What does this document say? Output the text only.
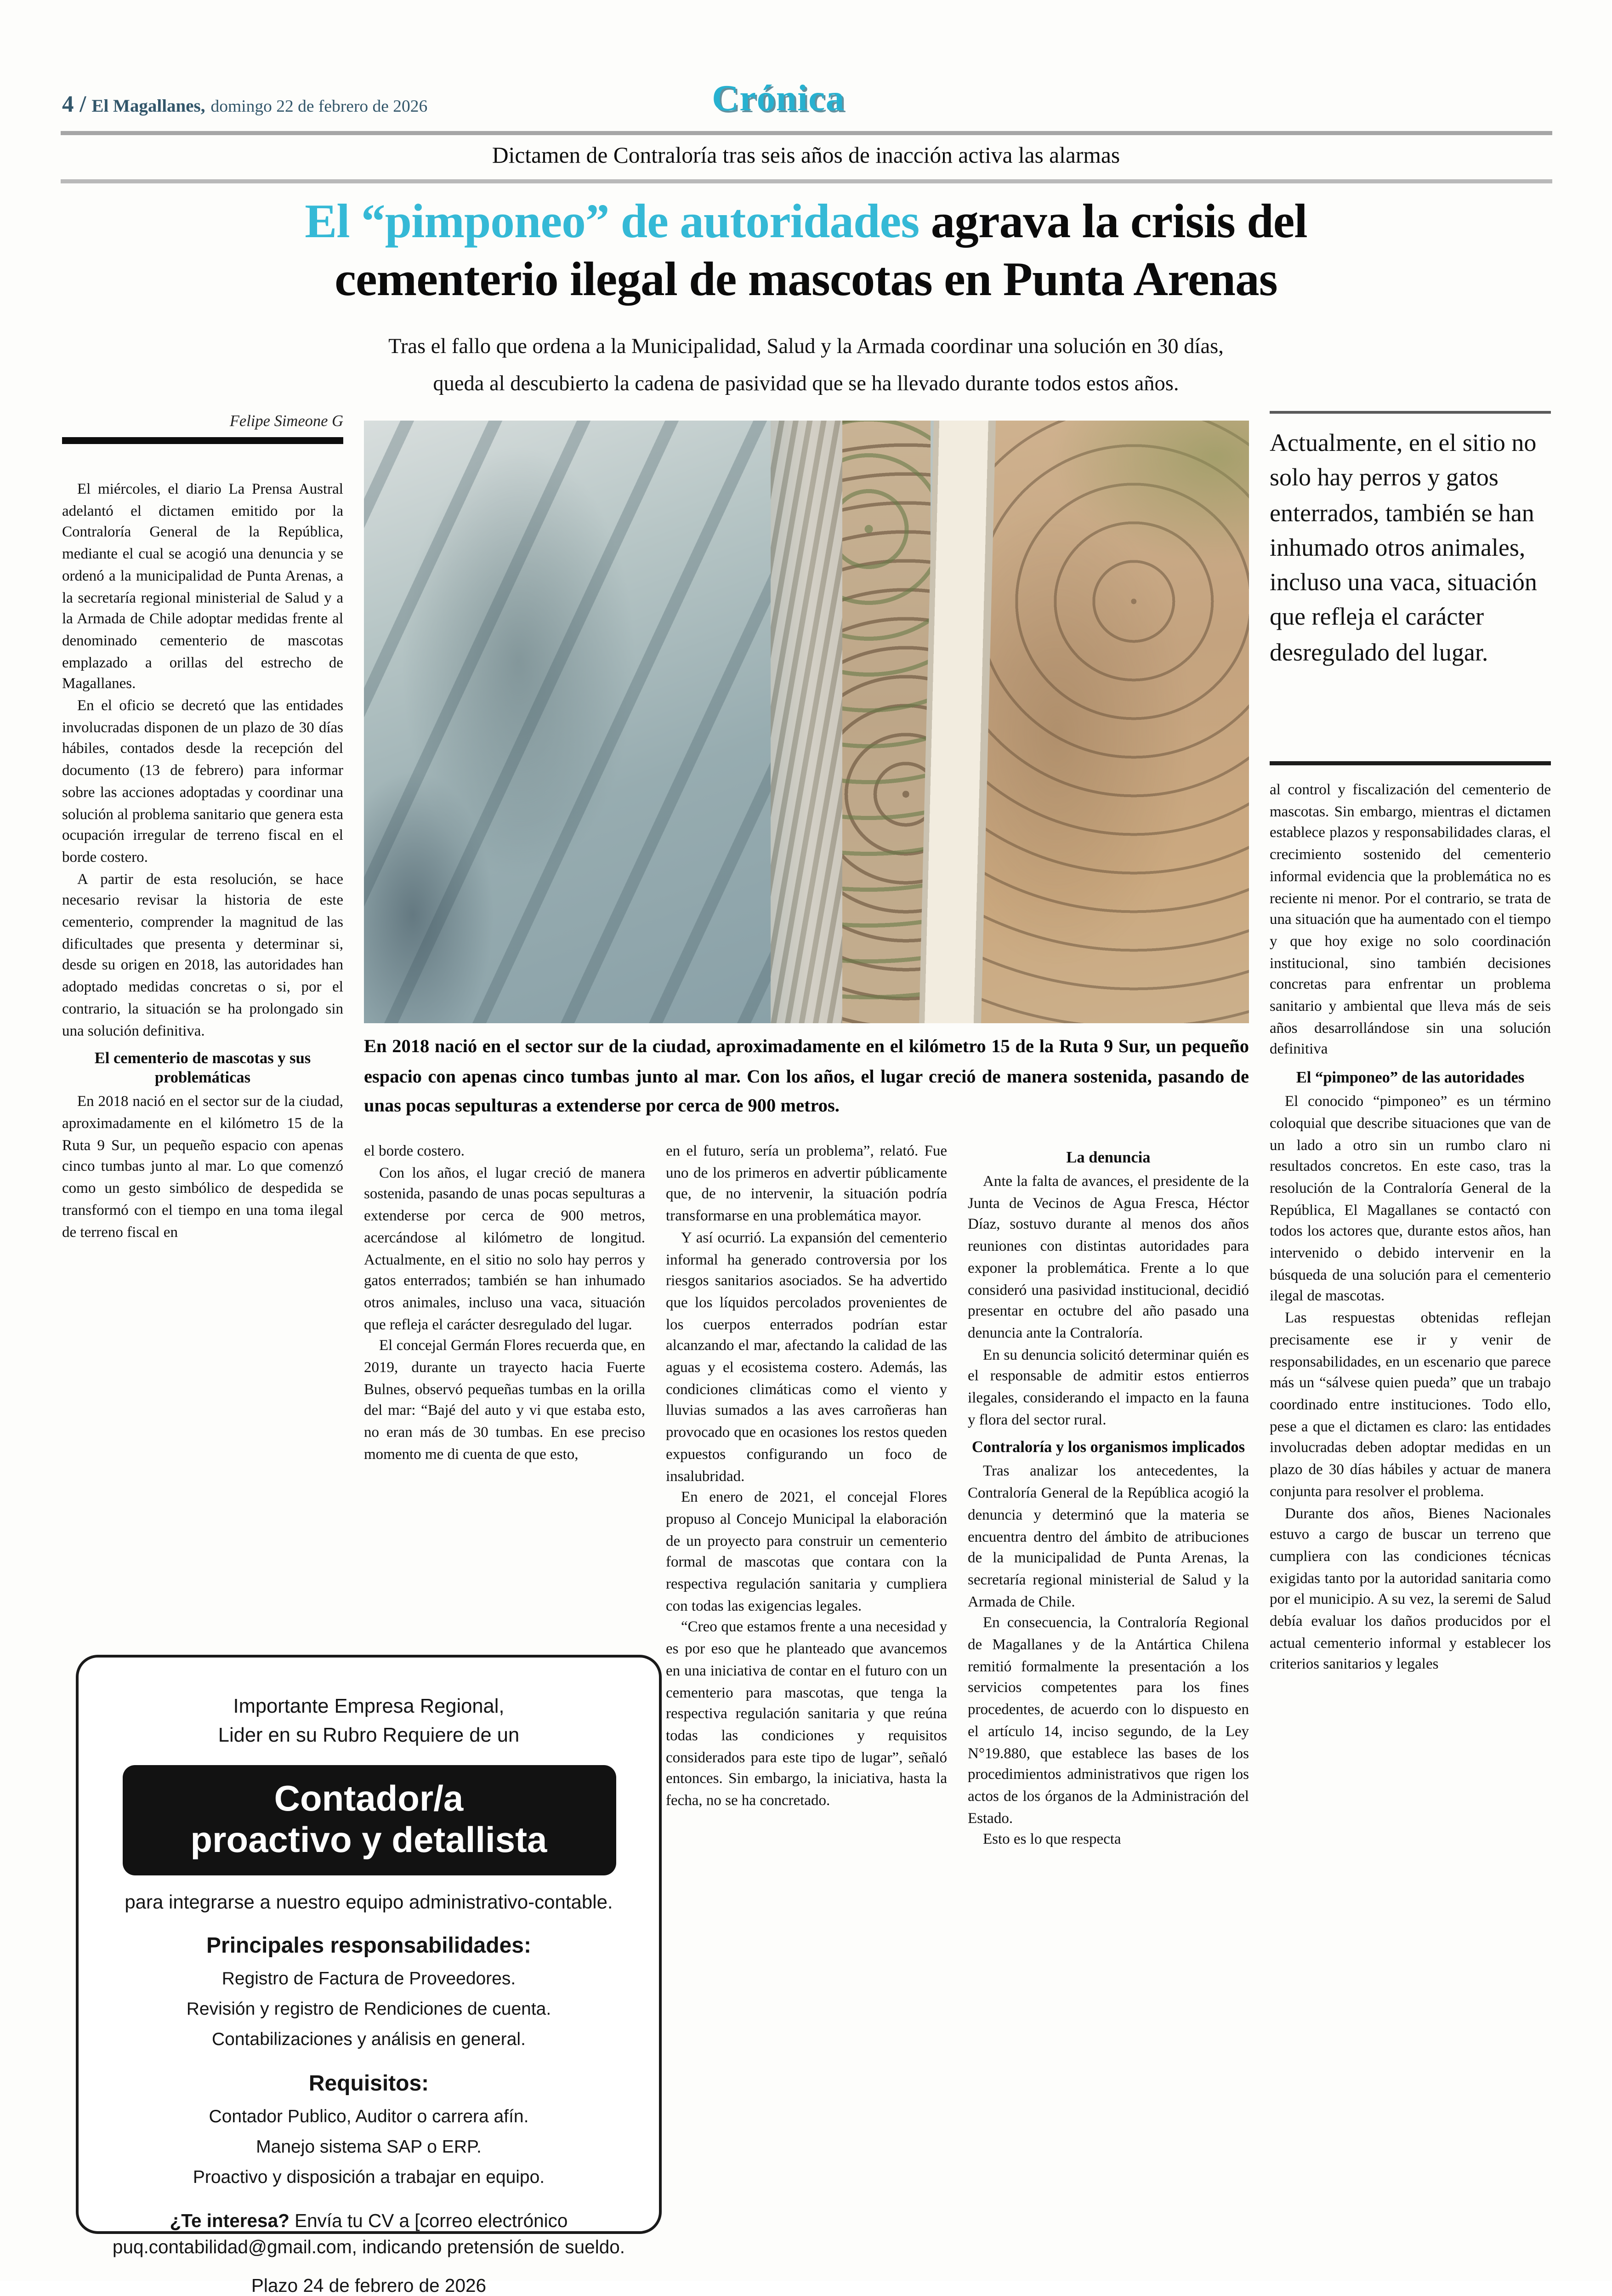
4 / El Magallanes, domingo 22 de febrero de 2026	Crónica
Dictamen de Contraloría tras seis años de inacción activa las alarmas
El “pimponeo” de autoridades agrava la crisis del
cementerio ilegal de mascotas en Punta Arenas
Tras el fallo que ordena a la Municipalidad, Salud y la Armada coordinar una solución en 30 días,
queda al descubierto la cadena de pasividad que se ha llevado durante todos estos años.
Felipe Simeone G

El miércoles, el diario La Prensa Austral adelantó el dictamen emitido por la Contraloría General de la República, mediante el cual se acogió una denuncia y se ordenó a la municipalidad de Punta Arenas, a la secretaría regional ministerial de Salud y a la Armada de Chile adoptar medidas frente al denominado cementerio de mascotas emplazado a orillas del estrecho de Magallanes.

En el oficio se decretó que las entidades involucradas disponen de un plazo de 30 días hábiles, contados desde la recepción del documento (13 de febrero) para informar sobre las acciones adoptadas y coordinar una solución al problema sanitario que genera esta ocupación irregular de terreno fiscal en el borde costero.

A partir de esta resolución, se hace necesario revisar la historia de este cementerio, comprender la magnitud de las dificultades que presenta y determinar si, desde su origen en 2018, las autoridades han adoptado medidas concretas o si, por el contrario, la situación se ha prolongado sin una solución definitiva.

El cementerio de mascotas y sus problemáticas

En 2018 nació en el sector sur de la ciudad, aproximadamente en el kilómetro 15 de la Ruta 9 Sur, un pequeño espacio con apenas cinco tumbas junto al mar. Lo que comenzó como un gesto simbólico de despedida se transformó con el tiempo en una toma ilegal de terreno fiscal en

En 2018 nació en el sector sur de la ciudad, aproximadamente en el kilómetro 15 de la Ruta 9 Sur, un pequeño espacio con apenas cinco tumbas junto al mar. Con los años, el lugar creció de manera sostenida, pasando de unas pocas sepulturas a extenderse por cerca de 900 metros.
Actualmente, en el sitio no solo hay perros y gatos enterrados, también se han inhumado otros animales, incluso una vaca, situación que refleja el carácter desregulado del lugar.

el borde costero.

Con los años, el lugar creció de manera sostenida, pasando de unas pocas sepulturas a extenderse por cerca de 900 metros, acercándose al kilómetro de longitud. Actualmente, en el sitio no solo hay perros y gatos enterrados; también se han inhumado otros animales, incluso una vaca, situación que refleja el carácter desregulado del lugar.

El concejal Germán Flores recuerda que, en 2019, durante un trayecto hacia Fuerte Bulnes, observó pequeñas tumbas en la orilla del mar: “Bajé del auto y vi que estaba esto, no eran más de 30 tumbas. En ese preciso momento me di cuenta de que esto,

en el futuro, sería un problema”, relató. Fue uno de los primeros en advertir públicamente que, de no intervenir, la situación podría transformarse en una problemática mayor.

Y así ocurrió. La expansión del cementerio informal ha generado controversia por los riesgos sanitarios asociados. Se ha advertido que los líquidos percolados provenientes de los cuerpos enterrados podrían estar alcanzando el mar, afectando la calidad de las aguas y el ecosistema costero. Además, las condiciones climáticas como el viento y lluvias sumados a las aves carroñeras han provocado que en ocasiones los restos queden expuestos configurando un foco de insalubridad.

En enero de 2021, el concejal Flores propuso al Concejo Municipal la elaboración de un proyecto para construir un cementerio formal de mascotas que contara con la respectiva regulación sanitaria y cumpliera con todas las exigencias legales.

“Creo que estamos frente a una necesidad y es por eso que he planteado que avancemos en una iniciativa de contar en el futuro con un cementerio para mascotas, que tenga la respectiva regulación sanitaria y que reúna todas las condiciones y requisitos considerados para este tipo de lugar”, señaló entonces. Sin embargo, la iniciativa, hasta la fecha, no se ha concretado.

La denuncia

Ante la falta de avances, el presidente de la Junta de Vecinos de Agua Fresca, Héctor Díaz, sostuvo durante al menos dos años reuniones con distintas autoridades para exponer la problemática. Frente a lo que consideró una pasividad institucional, decidió presentar en octubre del año pasado una denuncia ante la Contraloría.

En su denuncia solicitó determinar quién es el responsable de admitir estos entierros ilegales, considerando el impacto en la fauna y flora del sector rural.

Contraloría y los organismos implicados

Tras analizar los antecedentes, la Contraloría General de la República acogió la denuncia y determinó que la materia se encuentra dentro del ámbito de atribuciones de la municipalidad de Punta Arenas, la secretaría regional ministerial de Salud y la Armada de Chile.

En consecuencia, la Contraloría Regional de Magallanes y de la Antártica Chilena remitió formalmente la presentación a los servicios competentes para los fines procedentes, de acuerdo con lo dispuesto en el artículo 14, inciso segundo, de la Ley N°19.880, que establece las bases de los procedimientos administrativos que rigen los actos de los órganos de la Administración del Estado.

Esto es lo que respecta

al control y fiscalización del cementerio de mascotas. Sin embargo, mientras el dictamen establece plazos y responsabilidades claras, el crecimiento sostenido del cementerio informal evidencia que la problemática no es reciente ni menor. Por el contrario, se trata de una situación que ha aumentado con el tiempo y que hoy exige no solo coordinación institucional, sino también decisiones concretas para enfrentar un problema sanitario y ambiental que lleva más de seis años desarrollándose sin una solución definitiva

El “pimponeo” de las autoridades

El conocido “pimponeo” es un término coloquial que describe situaciones que van de un lado a otro sin un rumbo claro ni resultados concretos. En este caso, tras la resolución de la Contraloría General de la República, El Magallanes se contactó con todos los actores que, durante estos años, han intervenido o debido intervenir en la búsqueda de una solución para el cementerio ilegal de mascotas.

Las respuestas obtenidas reflejan precisamente ese ir y venir de responsabilidades, en un escenario que parece más un “sálvese quien pueda” que un trabajo coordinado entre instituciones. Todo ello, pese a que el dictamen es claro: las entidades involucradas deben adoptar medidas en un plazo de 30 días hábiles y actuar de manera conjunta para resolver el problema.

Durante dos años, Bienes Nacionales estuvo a cargo de buscar un terreno que cumpliera con las condiciones técnicas exigidas tanto por la autoridad sanitaria como por el municipio. A su vez, la seremi de Salud debía evaluar los daños producidos por el actual cementerio informal y establecer los criterios sanitarios y legales

Importante Empresa Regional,
Lider en su Rubro Requiere de un
Contador/a
proactivo y detallista
para integrarse a nuestro equipo administrativo-contable.
Principales responsabilidades:
Registro de Factura de Proveedores.
Revisión y registro de Rendiciones de cuenta.
Contabilizaciones y análisis en general.
Requisitos:
Contador Publico, Auditor o carrera afín.
Manejo sistema SAP o ERP.
Proactivo y disposición a trabajar en equipo.
¿Te interesa? Envía tu CV a [correo electrónico puq.contabilidad@gmail.com, indicando pretensión de sueldo.
Plazo 24 de febrero de 2026
